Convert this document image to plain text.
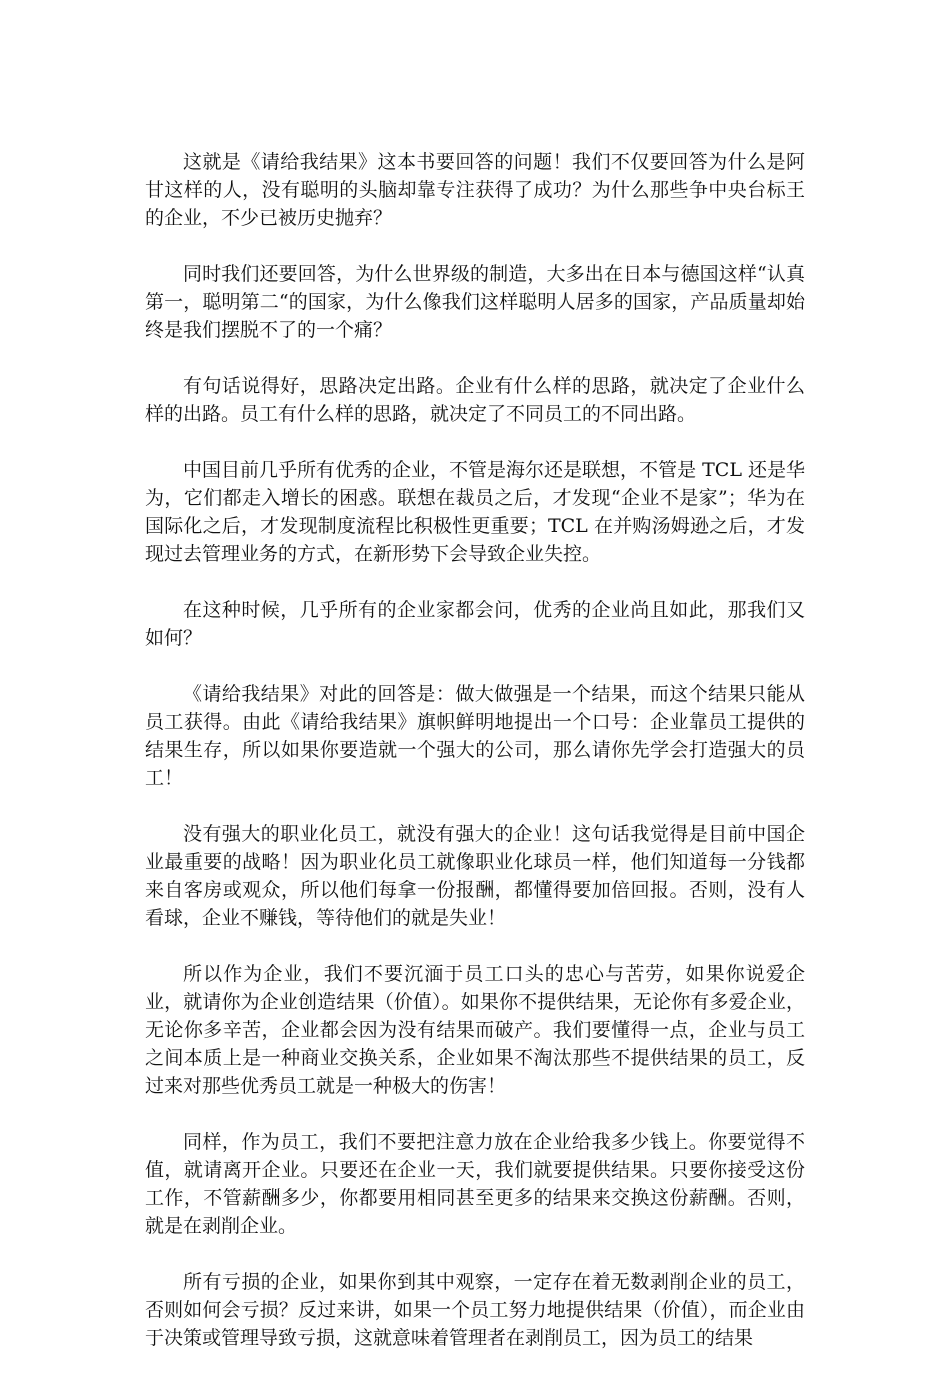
这就是《请给我结果》这本书要回答的问题！我们不仅要回答为什么是阿甘这样的人，没有聪明的头脑却靠专注获得了成功？为什么那些争中央台标王的企业，不少已被历史抛弃？

同时我们还要回答，为什么世界级的制造，大多出在日本与德国这样“认真第一，聪明第二“的国家，为什么像我们这样聪明人居多的国家，产品质量却始终是我们摆脱不了的一个痛？

有句话说得好，思路决定出路。企业有什么样的思路，就决定了企业什么样的出路。员工有什么样的思路，就决定了不同员工的不同出路。

中国目前几乎所有优秀的企业，不管是海尔还是联想，不管是 TCL 还是华为，它们都走入增长的困惑。联想在裁员之后，才发现“企业不是家”；华为在国际化之后，才发现制度流程比积极性更重要；TCL 在并购汤姆逊之后，才发现过去管理业务的方式，在新形势下会导致企业失控。

在这种时候，几乎所有的企业家都会问，优秀的企业尚且如此，那我们又如何？

《请给我结果》对此的回答是：做大做强是一个结果，而这个结果只能从员工获得。由此《请给我结果》旗帜鲜明地提出一个口号：企业靠员工提供的结果生存，所以如果你要造就一个强大的公司，那么请你先学会打造强大的员工！

没有强大的职业化员工，就没有强大的企业！这句话我觉得是目前中国企业最重要的战略！因为职业化员工就像职业化球员一样，他们知道每一分钱都来自客房或观众，所以他们每拿一份报酬，都懂得要加倍回报。否则，没有人看球，企业不赚钱，等待他们的就是失业！

所以作为企业，我们不要沉湎于员工口头的忠心与苦劳，如果你说爱企业，就请你为企业创造结果（价值）。如果你不提供结果，无论你有多爱企业，无论你多辛苦，企业都会因为没有结果而破产。我们要懂得一点，企业与员工之间本质上是一种商业交换关系，企业如果不淘汰那些不提供结果的员工，反过来对那些优秀员工就是一种极大的伤害！

同样，作为员工，我们不要把注意力放在企业给我多少钱上。你要觉得不值，就请离开企业。只要还在企业一天，我们就要提供结果。只要你接受这份工作，不管薪酬多少，你都要用相同甚至更多的结果来交换这份薪酬。否则，就是在剥削企业。

所有亏损的企业，如果你到其中观察，一定存在着无数剥削企业的员工，否则如何会亏损？反过来讲，如果一个员工努力地提供结果（价值），而企业由于决策或管理导致亏损，这就意味着管理者在剥削员工，因为员工的结果
